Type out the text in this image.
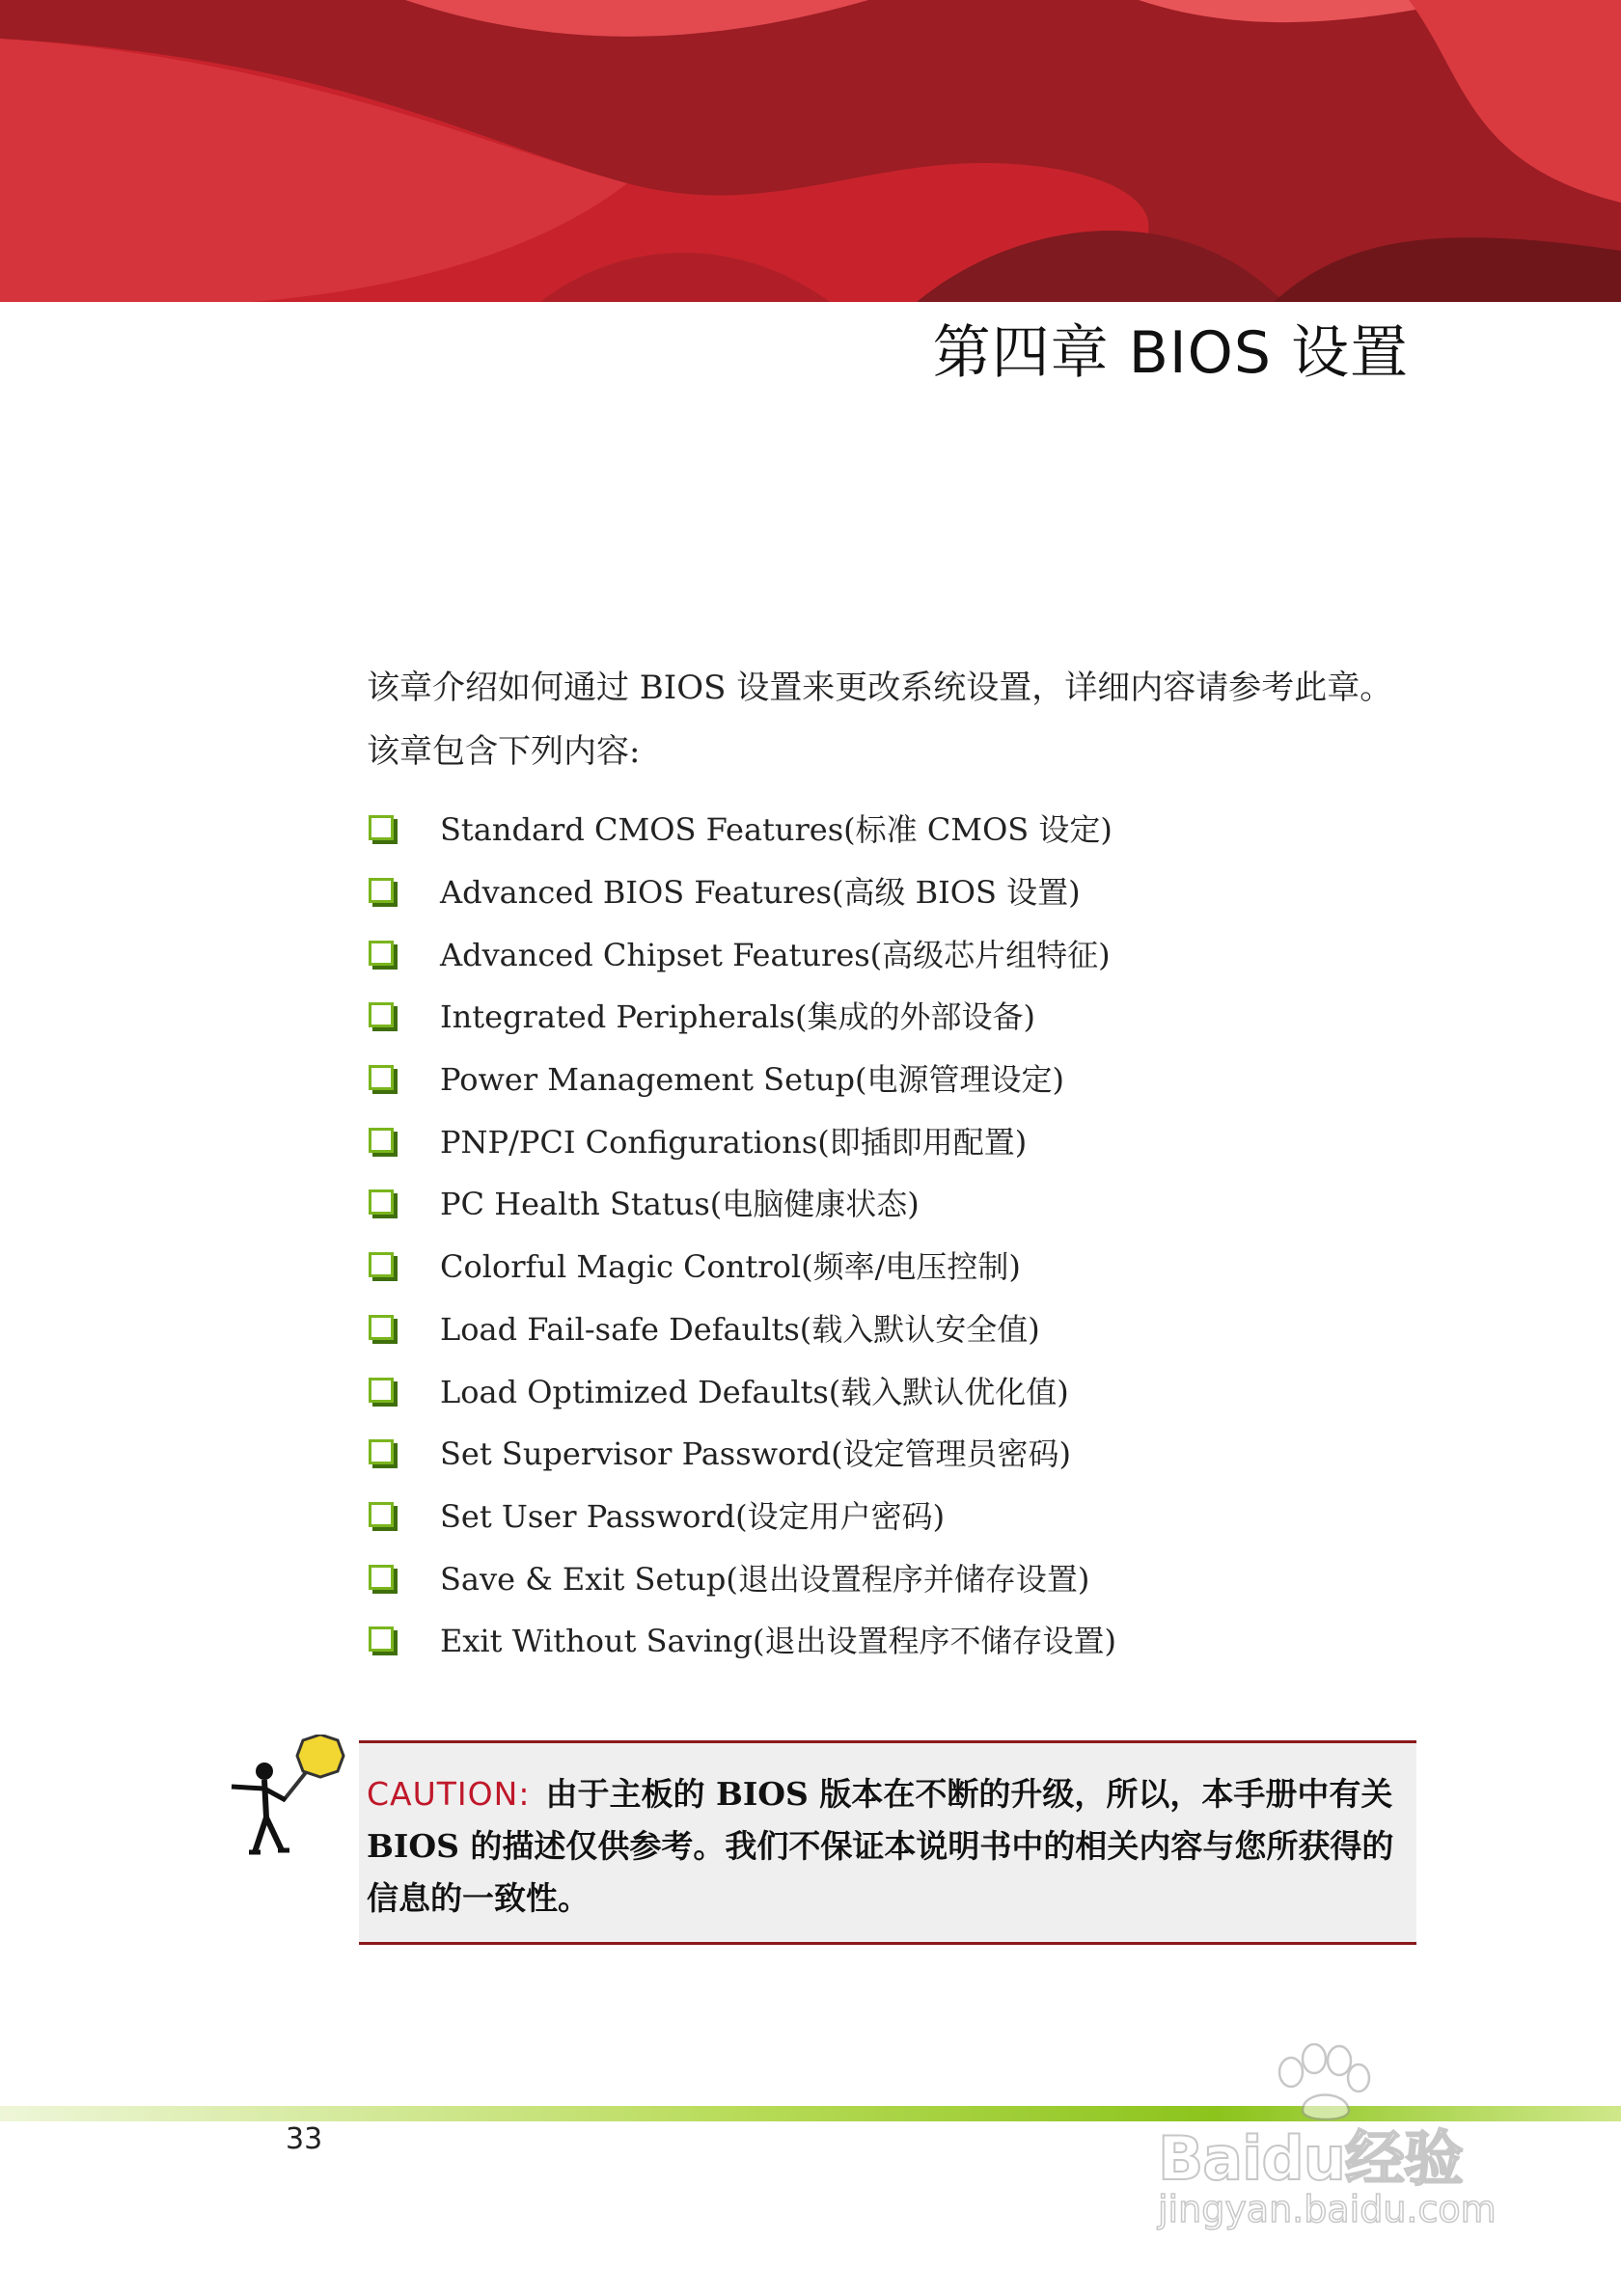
第四章 BIOS 设置

该章介绍如何通过 BIOS 设置来更改系统设置，详细内容请参考此章。

该章包含下列内容:

Standard CMOS Features(标准 CMOS 设定)
Advanced BIOS Features(高级 BIOS 设置)
Advanced Chipset Features(高级芯片组特征)
Integrated Peripherals(集成的外部设备)
Power Management Setup(电源管理设定)
PNP/PCI Configurations(即插即用配置)
PC Health Status(电脑健康状态)
Colorful Magic Control(频率/电压控制)
Load Fail-safe Defaults(载入默认安全值)
Load Optimized Defaults(载入默认优化值)
Set Supervisor Password(设定管理员密码)
Set User Password(设定用户密码)
Save & Exit Setup(退出设置程序并储存设置)
Exit Without Saving(退出设置程序不储存设置)

CAUTION: 由于主板的 BIOS 版本在不断的升级，所以，本手册中有关 BIOS 的描述仅供参考。我们不保证本说明书中的相关内容与您所获得的信息的一致性。

33	Baidu经验
jingyan.baidu.com
